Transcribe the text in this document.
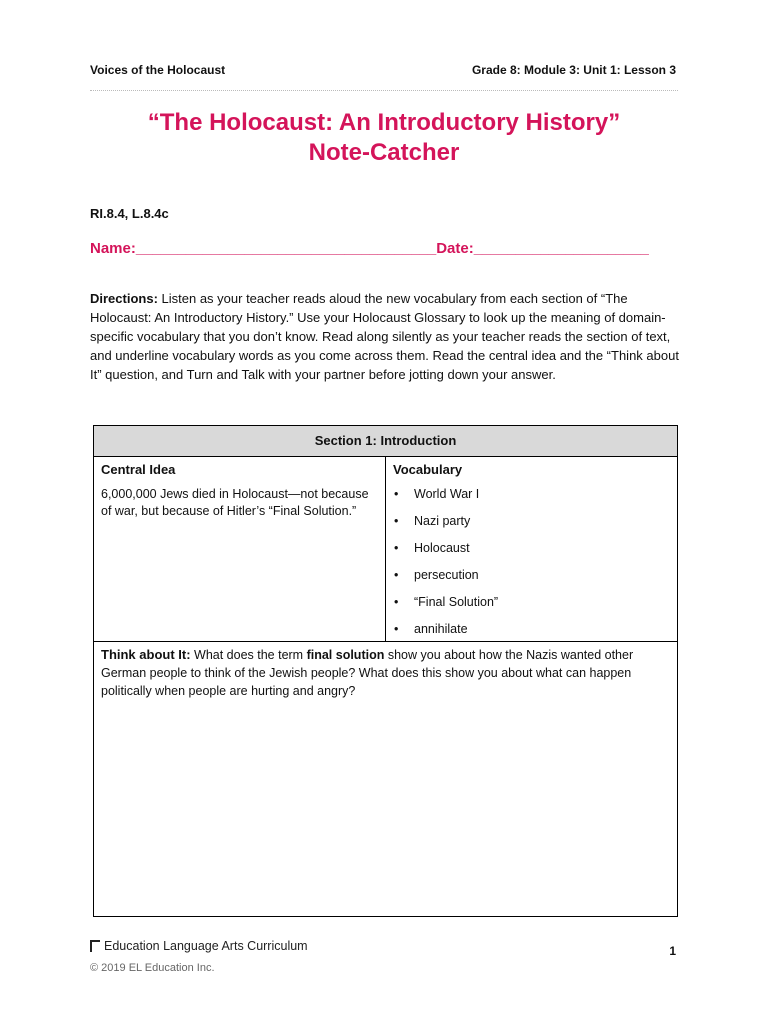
Voices of the Holocaust	Grade 8: Module 3: Unit 1: Lesson 3
“The Holocaust: An Introductory History”
Note-Catcher
RI.8.4, L.8.4c
Name:____________________________________Date:_____________________
Directions: Listen as your teacher reads aloud the new vocabulary from each section of “The Holocaust: An Introductory History.” Use your Holocaust Glossary to look up the meaning of domain-specific vocabulary that you don’t know. Read along silently as your teacher reads the section of text, and underline vocabulary words as you come across them. Read the central idea and the “Think about It” question, and Turn and Talk with your partner before jotting down your answer.
Section 1: Introduction
Central Idea
6,000,000 Jews died in Holocaust—not because of war, but because of Hitler’s “Final Solution.”
Vocabulary
• World War I
• Nazi party
• Holocaust
• persecution
• “Final Solution”
• annihilate
Think about It: What does the term final solution show you about how the Nazis wanted other German people to think of the Jewish people? What does this show you about what can happen politically when people are hurting and angry?
Education Language Arts Curriculum
© 2019 EL Education Inc.
1
